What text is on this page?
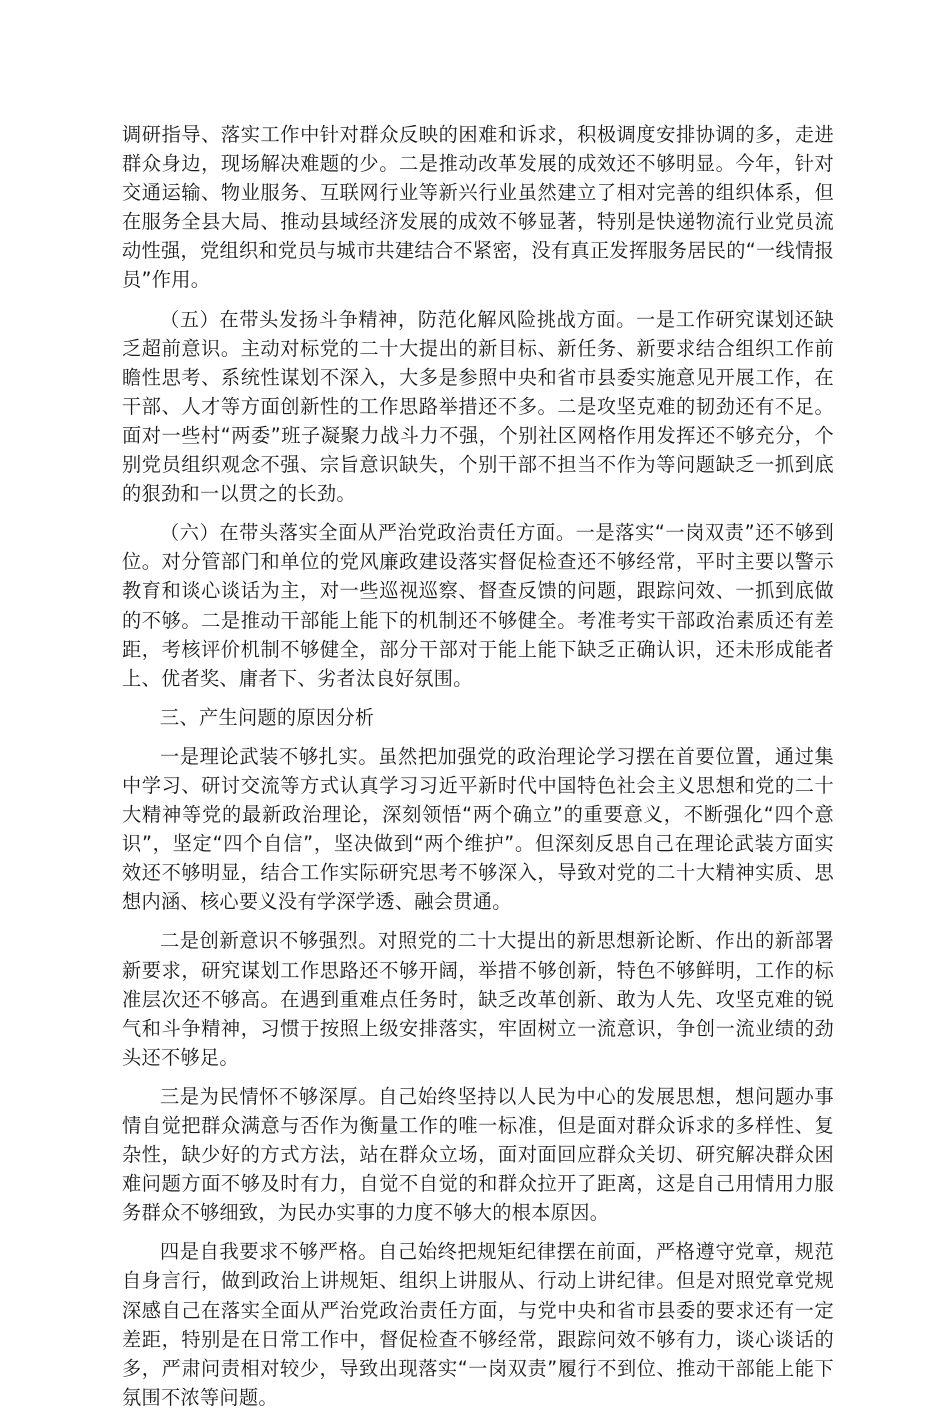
调研指导、落实工作中针对群众反映的困难和诉求，积极调度安排协调的多，走进群众身边，现场解决难题的少。二是推动改革发展的成效还不够明显。今年，针对交通运输、物业服务、互联网行业等新兴行业虽然建立了相对完善的组织体系，但在服务全县大局、推动县域经济发展的成效不够显著，特别是快递物流行业党员流动性强，党组织和党员与城市共建结合不紧密，没有真正发挥服务居民的“一线情报员”作用。

（五）在带头发扬斗争精神，防范化解风险挑战方面。一是工作研究谋划还缺乏超前意识。主动对标党的二十大提出的新目标、新任务、新要求结合组织工作前瞻性思考、系统性谋划不深入，大多是参照中央和省市县委实施意见开展工作，在干部、人才等方面创新性的工作思路举措还不多。二是攻坚克难的韧劲还有不足。面对一些村“两委”班子凝聚力战斗力不强，个别社区网格作用发挥还不够充分，个别党员组织观念不强、宗旨意识缺失，个别干部不担当不作为等问题缺乏一抓到底的狠劲和一以贯之的长劲。

（六）在带头落实全面从严治党政治责任方面。一是落实“一岗双责”还不够到位。对分管部门和单位的党风廉政建设落实督促检查还不够经常，平时主要以警示教育和谈心谈话为主，对一些巡视巡察、督查反馈的问题，跟踪问效、一抓到底做的不够。二是推动干部能上能下的机制还不够健全。考准考实干部政治素质还有差距，考核评价机制不够健全，部分干部对于能上能下缺乏正确认识，还未形成能者上、优者奖、庸者下、劣者汰良好氛围。

三、产生问题的原因分析

一是理论武装不够扎实。虽然把加强党的政治理论学习摆在首要位置，通过集中学习、研讨交流等方式认真学习习近平新时代中国特色社会主义思想和党的二十大精神等党的最新政治理论，深刻领悟“两个确立”的重要意义，不断强化“四个意识”，坚定“四个自信”，坚决做到“两个维护”。但深刻反思自己在理论武装方面实效还不够明显，结合工作实际研究思考不够深入，导致对党的二十大精神实质、思想内涵、核心要义没有学深学透、融会贯通。

二是创新意识不够强烈。对照党的二十大提出的新思想新论断、作出的新部署新要求，研究谋划工作思路还不够开阔，举措不够创新，特色不够鲜明，工作的标准层次还不够高。在遇到重难点任务时，缺乏改革创新、敢为人先、攻坚克难的锐气和斗争精神，习惯于按照上级安排落实，牢固树立一流意识，争创一流业绩的劲头还不够足。

三是为民情怀不够深厚。自己始终坚持以人民为中心的发展思想，想问题办事情自觉把群众满意与否作为衡量工作的唯一标准，但是面对群众诉求的多样性、复杂性，缺少好的方式方法，站在群众立场，面对面回应群众关切、研究解决群众困难问题方面不够及时有力，自觉不自觉的和群众拉开了距离，这是自己用情用力服务群众不够细致，为民办实事的力度不够大的根本原因。

四是自我要求不够严格。自己始终把规矩纪律摆在前面，严格遵守党章，规范自身言行，做到政治上讲规矩、组织上讲服从、行动上讲纪律。但是对照党章党规深感自己在落实全面从严治党政治责任方面，与党中央和省市县委的要求还有一定差距，特别是在日常工作中，督促检查不够经常，跟踪问效不够有力，谈心谈话的多，严肃问责相对较少，导致出现落实“一岗双责”履行不到位、推动干部能上能下氛围不浓等问题。
